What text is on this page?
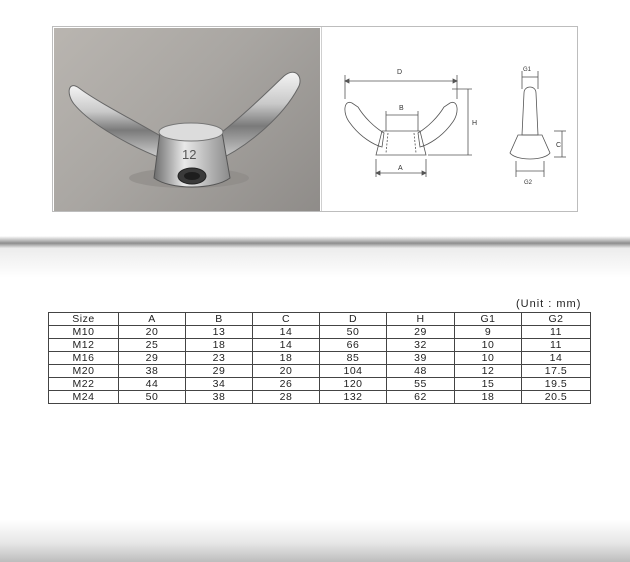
12
D
B
H
A
G1
C
G2
(Unit : mm)
Size	A	B	C	D	H	G1	G2
M10	20	13	14	50	29	9	11
M12	25	18	14	66	32	10	11
M16	29	23	18	85	39	10	14
M20	38	29	20	104	48	12	17.5
M22	44	34	26	120	55	15	19.5
M24	50	38	28	132	62	18	20.5
